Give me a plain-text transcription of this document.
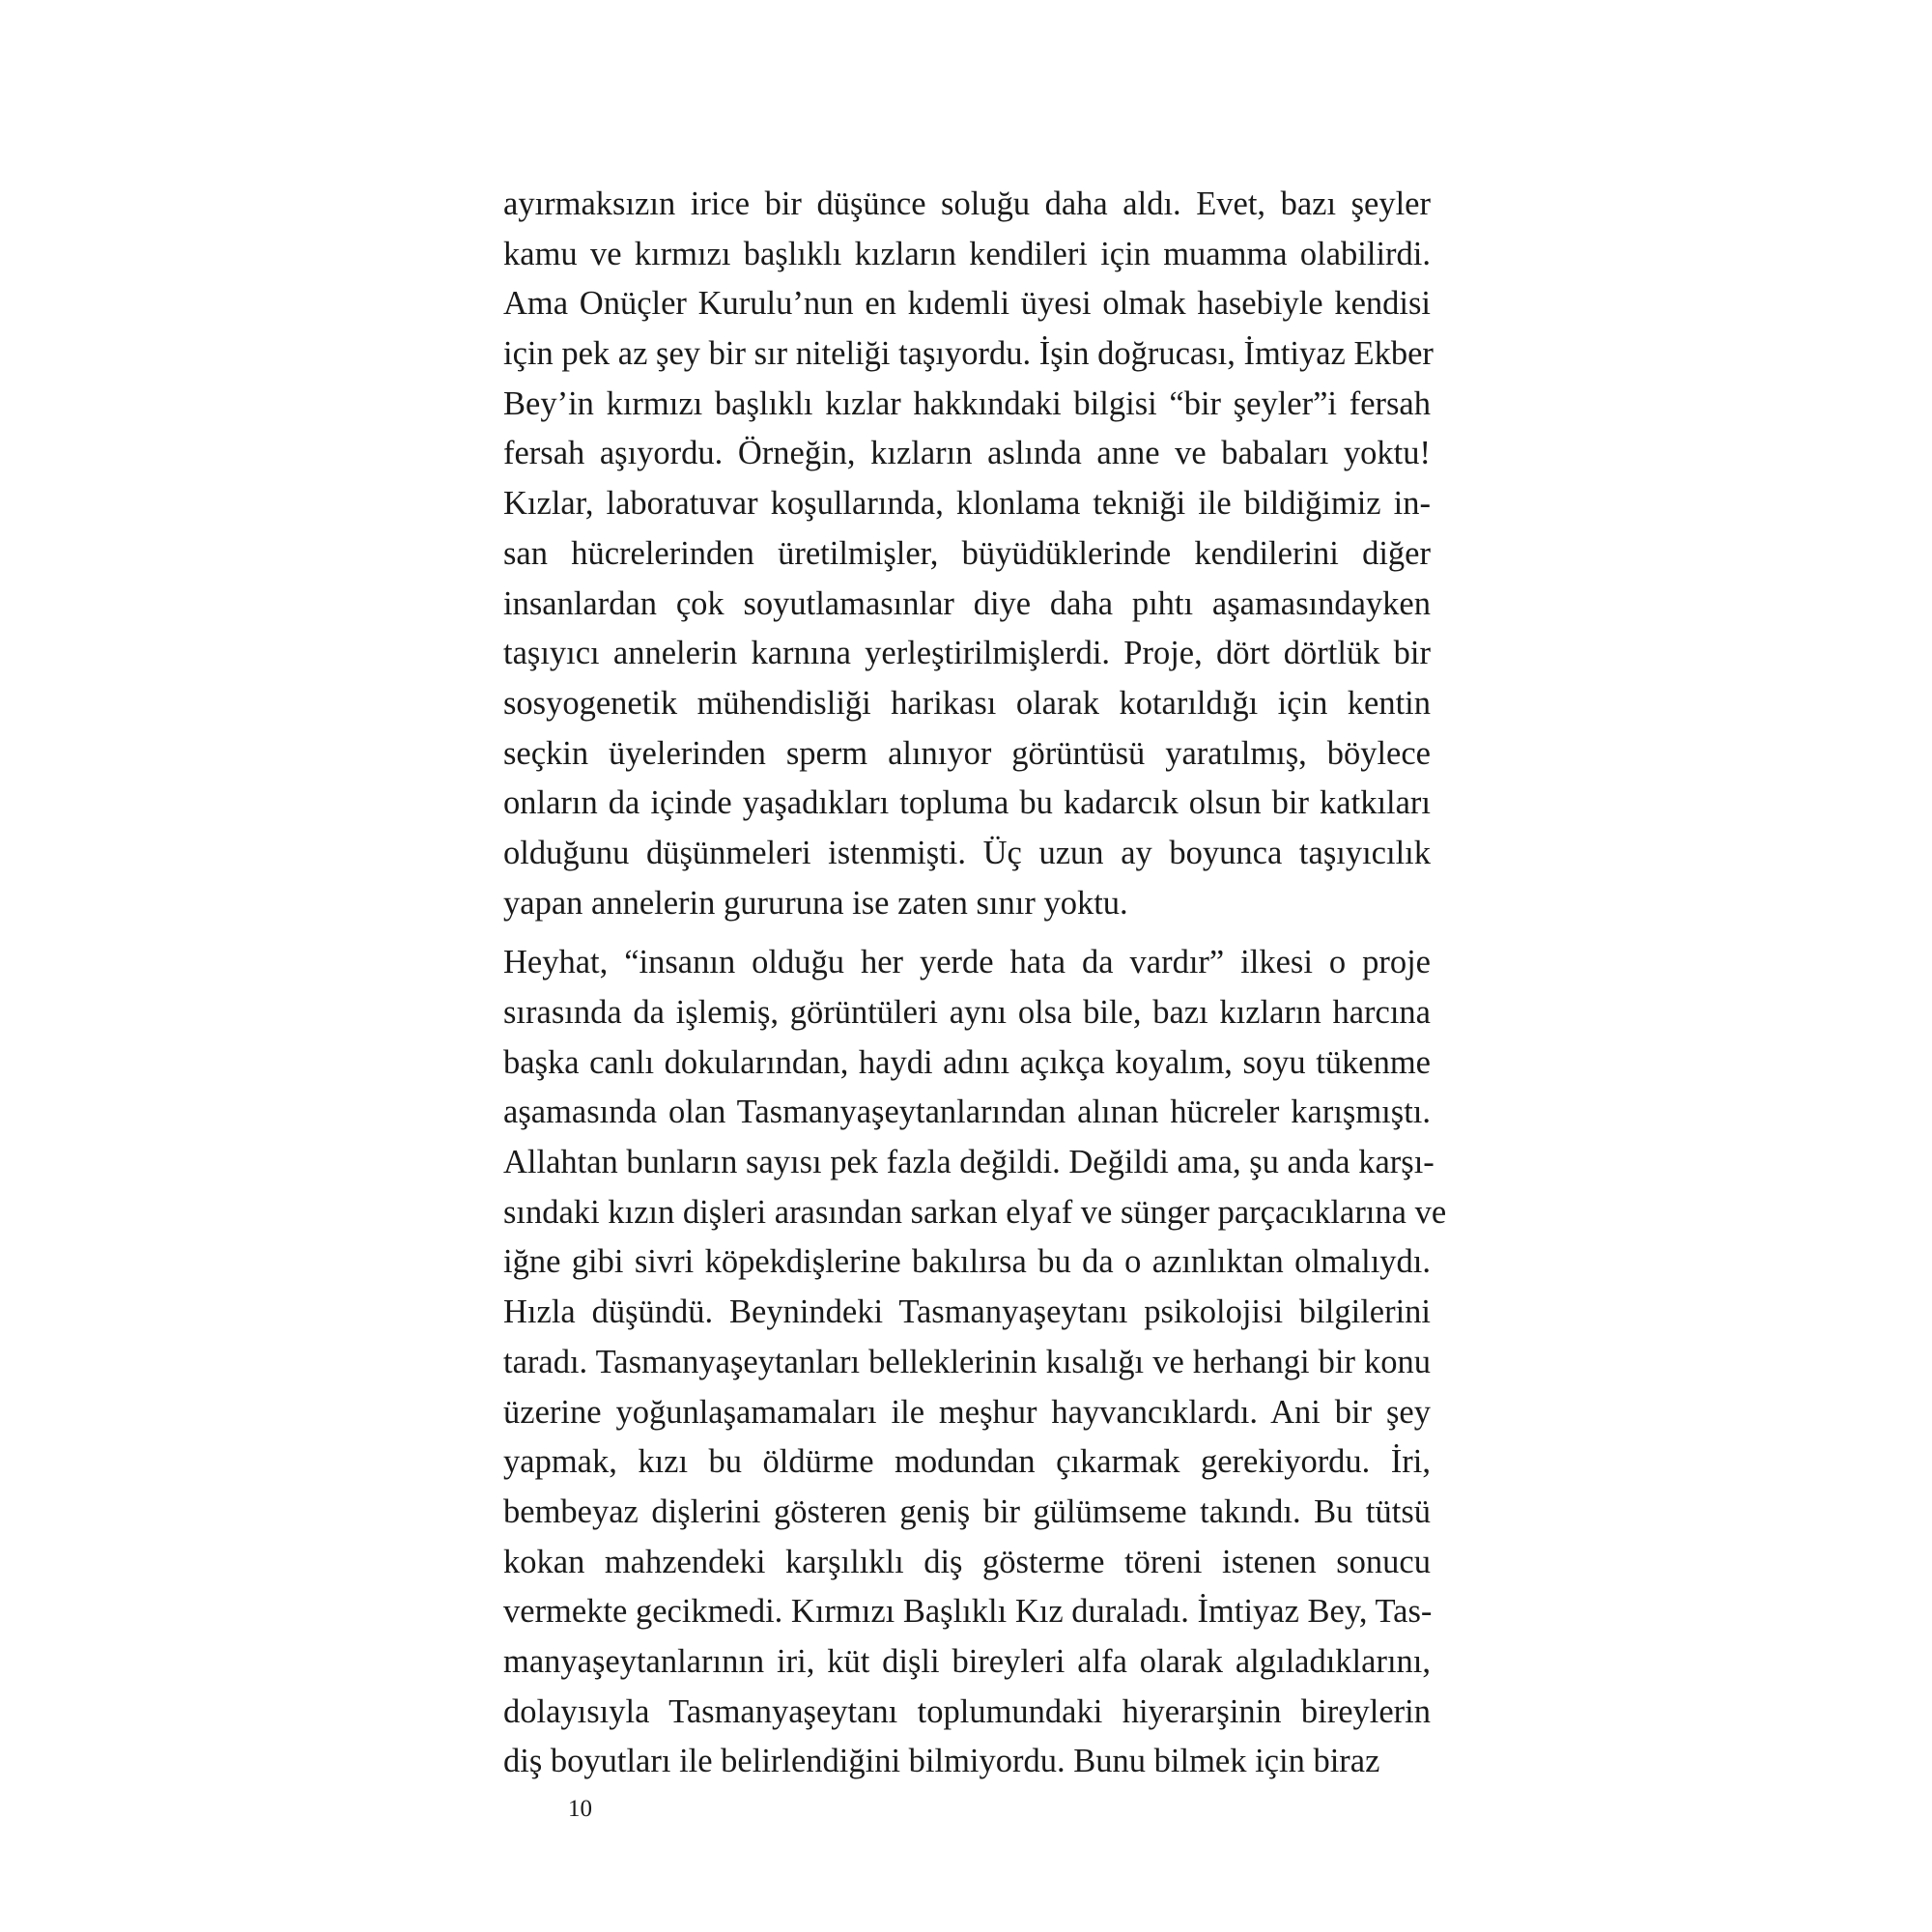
ayırmaksızın irice bir düşünce soluğu daha aldı. Evet, bazı şeyler
kamu ve kırmızı başlıklı kızların kendileri için muamma olabilirdi.
Ama Onüçler Kurulu’nun en kıdemli üyesi olmak hasebiyle kendisi
için pek az şey bir sır niteliği taşıyordu. İşin doğrucası, İmtiyaz Ekber
Bey’in kırmızı başlıklı kızlar hakkındaki bilgisi “bir şeyler”i fersah
fersah aşıyordu. Örneğin, kızların aslında anne ve babaları yoktu!
Kızlar, laboratuvar koşullarında, klonlama tekniği ile bildiğimiz in-
san hücrelerinden üretilmişler, büyüdüklerinde kendilerini diğer
insanlardan çok soyutlamasınlar diye daha pıhtı aşamasındayken
taşıyıcı annelerin karnına yerleştirilmişlerdi. Proje, dört dörtlük bir
sosyogenetik mühendisliği harikası olarak kotarıldığı için kentin
seçkin üyelerinden sperm alınıyor görüntüsü yaratılmış, böylece
onların da içinde yaşadıkları topluma bu kadarcık olsun bir katkıları
olduğunu düşünmeleri istenmişti. Üç uzun ay boyunca taşıyıcılık
yapan annelerin gururuna ise zaten sınır yoktu.
Heyhat, “insanın olduğu her yerde hata da vardır” ilkesi o proje
sırasında da işlemiş, görüntüleri aynı olsa bile, bazı kızların harcına
başka canlı dokularından, haydi adını açıkça koyalım, soyu tükenme
aşamasında olan Tasmanyaşeytanlarından alınan hücreler karışmıştı.
Allahtan bunların sayısı pek fazla değildi. Değildi ama, şu anda karşı-
sındaki kızın dişleri arasından sarkan elyaf ve sünger parçacıklarına ve
iğne gibi sivri köpekdişlerine bakılırsa bu da o azınlıktan olmalıydı.
Hızla düşündü. Beynindeki Tasmanyaşeytanı psikolojisi bilgilerini
taradı. Tasmanyaşeytanları belleklerinin kısalığı ve herhangi bir konu
üzerine yoğunlaşamamaları ile meşhur hayvancıklardı. Ani bir şey
yapmak, kızı bu öldürme modundan çıkarmak gerekiyordu. İri,
bembeyaz dişlerini gösteren geniş bir gülümseme takındı. Bu tütsü
kokan mahzendeki karşılıklı diş gösterme töreni istenen sonucu
vermekte gecikmedi. Kırmızı Başlıklı Kız duraladı. İmtiyaz Bey, Tas-
manyaşeytanlarının iri, küt dişli bireyleri alfa olarak algıladıklarını,
dolayısıyla Tasmanyaşeytanı toplumundaki hiyerarşinin bireylerin
diş boyutları ile belirlendiğini bilmiyordu. Bunu bilmek için biraz
10
